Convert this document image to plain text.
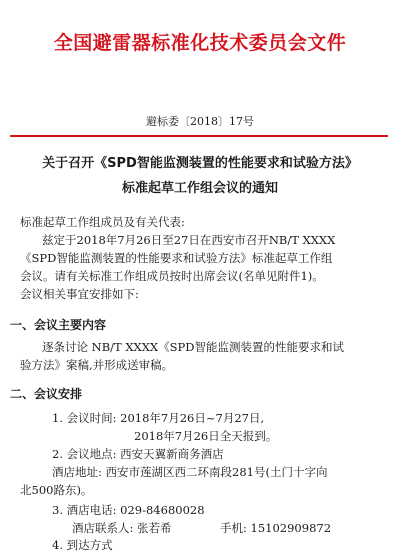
全国避雷器标准化技术委员会文件
避标委〔2018〕17号
关于召开《SPD智能监测装置的性能要求和试验方法》
标准起草工作组会议的通知
标准起草工作组成员及有关代表:
兹定于2018年7月26日至27日在西安市召开NB/T XXXX
《SPD智能监测装置的性能要求和试验方法》标准起草工作组
会议。请有关标准工作组成员按时出席会议(名单见附件1)。
会议相关事宜安排如下:
一、会议主要内容
逐条讨论 NB/T XXXX《SPD智能监测装置的性能要求和试
验方法》案稿,并形成送审稿。
二、会议安排
1. 会议时间: 2018年7月26日~7月27日,
2018年7月26日全天报到。
2. 会议地点: 西安天翼新商务酒店
酒店地址: 西安市莲湖区西二环南段281号(土门十字向
北500路东)。
3. 酒店电话: 029-84680028
酒店联系人: 张若希	手机: 15102909872
4. 到达方式
